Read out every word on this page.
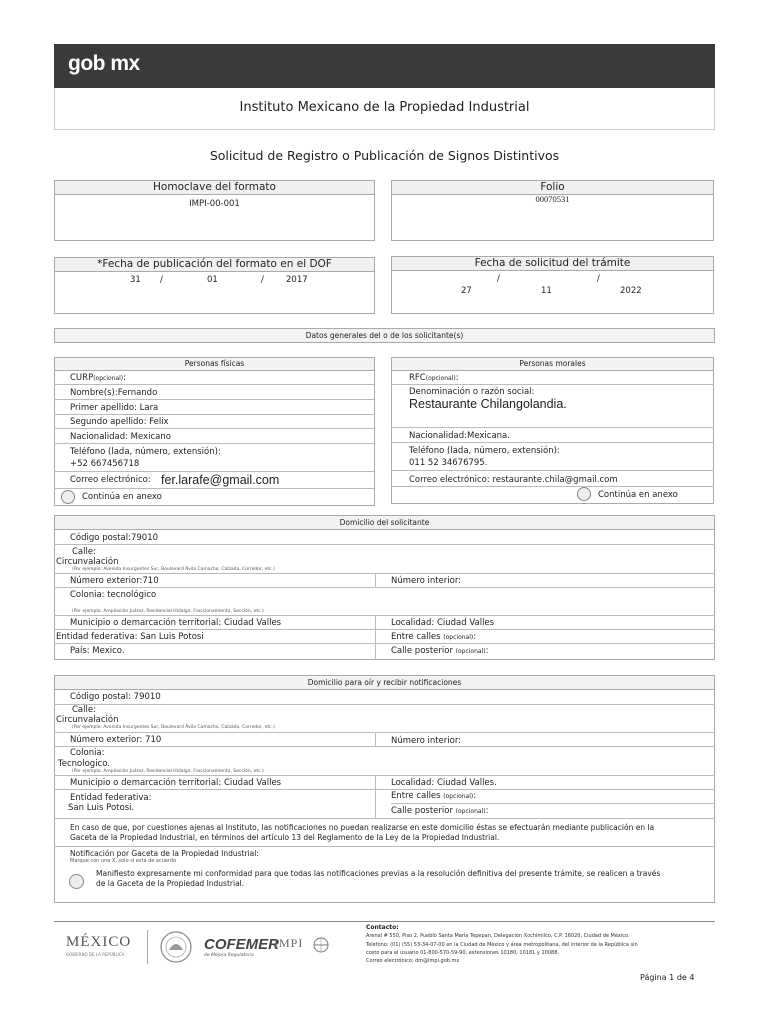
gob mx
Instituto Mexicano de la Propiedad Industrial
Solicitud de Registro o Publicación de Signos Distintivos
Homoclave del formato
IMPI-00-001
Folio
00070531
*Fecha de publicación del formato en el DOF
31 /	01	/	2017
Fecha de solicitud del trámite
/	/
27	11	2022
Datos generales del o de los solicitante(s)
Personas físicas
CURP(opcional):
Nombre(s):Fernando
Primer apellido: Lara
Segundo apellido: Felix
Nacionalidad: Mexicano
Teléfono (lada, número, extensión):
+52 667456718
Correo electrónico: fer.larafe@gmail.com
Continúa en anexo
Personas morales
RFC(opcional):
Denominación o razón social:
Restaurante Chilangolandia.
Nacionalidad:Mexicana.
Teléfono (lada, número, extensión):
011 52 34676795.
Correo electrónico: restaurante.chila@gmail.com
Continúa en anexo
Domicilio del solicitante
Código postal:79010
Calle:
Circunvalación
(Por ejemplo: Avenida Insurgentes Sur, Boulevard Ávila Camacho, Calzada, Corredor, etc.)
Número exterior:710	Número interior:
Colonia: tecnológico
(Por ejemplo: Ampliación Juárez, Residencial Hidalgo, Fraccionamiento, Sección, etc.)
Municipio o demarcación territorial: Ciudad Valles	Localidad: Ciudad Valles
Entidad federativa: San Luis Potosi	Entre calles (opcional):
País: Mexico.	Calle posterior (opcional):
Domicilio para oír y recibir notificaciones
Código postal: 79010
Calle:
Circunvalación
(Por ejemplo: Avenida Insurgentes Sur, Boulevard Ávila Camacho, Calzada, Corredor, etc.)
Número exterior: 710	Número interior:
Colonia:
Tecnologico.
(Por ejemplo: Ampliación Juárez, Residencial Hidalgo, Fraccionamiento, Sección, etc.)
Municipio o demarcación territorial: Ciudad Valles	Localidad: Ciudad Valles.
Entidad federativa:
San Luis Potosi.
Entre calles (opcional):
Calle posterior (opcional):
En caso de que, por cuestiones ajenas al Instituto, las notificaciones no puedan realizarse en este domicilio éstas se efectuarán mediante publicación en la
Gaceta de la Propiedad Industrial, en términos del artículo 13 del Reglamento de la Ley de la Propiedad Industrial.
Notificación por Gaceta de la Propiedad Industrial:
Marque con una X, sólo si está de acuerdo
Manifiesto expresamente mi conformidad para que todas las notificaciones previas a la resolución definitiva del presente trámite, se realicen a través
de la Gaceta de la Propiedad Industrial.
MÉXICO
GOBIERNO DE LA REPÚBLICA
COFEMER
de Mejora Regulatoria
IMPI
Contacto:
Arenal # 550, Piso 2, Pueblo Santa María Tepepan, Delegación Xochimilco, C.P. 16020, Ciudad de México.
Teléfono: (01) (55) 53-34-07-00 en la Ciudad de México y área metropolitana, del interior de la República sin
costo para el usuario 01-800-570-59-90, extensiones 10180, 10181 y 10088.
Correo electrónico: dm@impi.gob.mx
Página 1 de 4
